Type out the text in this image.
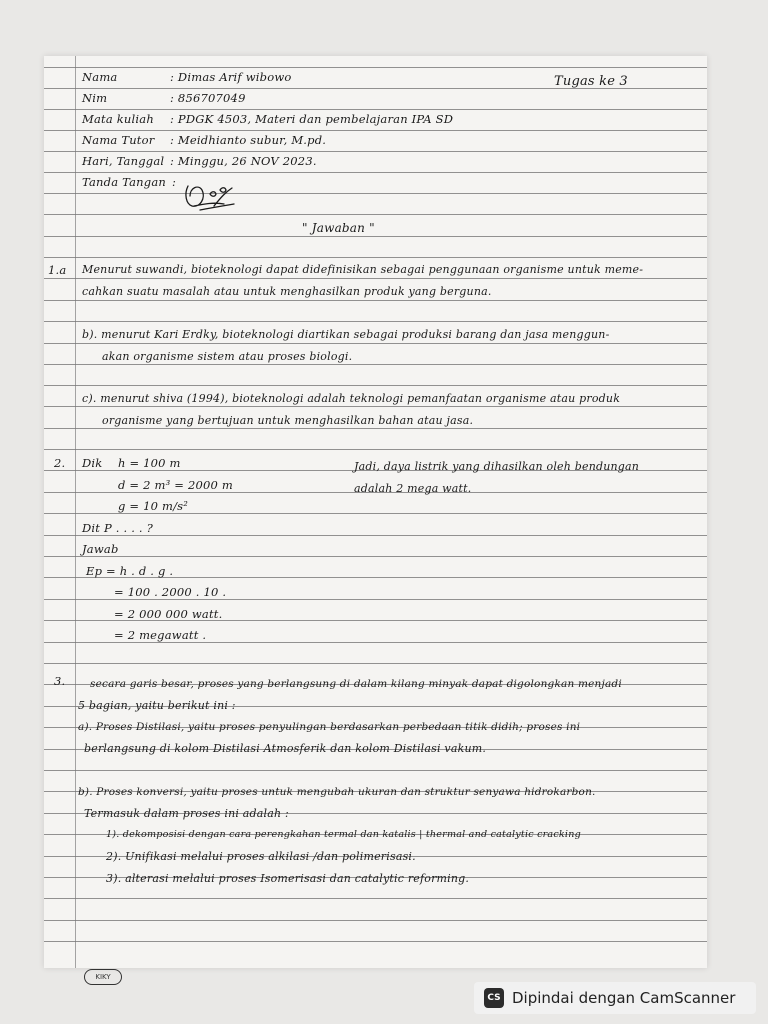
Nama	: Dimas Arif wibowo	Tugas ke 3
Nim	: 856707049
Mata kuliah : PDGK 4503, Materi dan pembelajaran IPA SD
Nama Tutor : Meidhianto subur, M.pd.
Hari, Tanggal : Minggu, 26 NOV 2023.
Tanda Tangan :
" Jawaban "
1.a Menurut suwandi, bioteknologi dapat didefinisikan sebagai penggunaan organisme untuk meme-
cahkan suatu masalah atau untuk menghasilkan produk yang berguna.
b). menurut Kari Erdky, bioteknologi diartikan sebagai produksi barang dan jasa menggun-
akan organisme sistem atau proses biologi.
c). menurut shiva (1994), bioteknologi adalah teknologi pemanfaatan organisme atau produk
organisme yang bertujuan untuk menghasilkan bahan atau jasa.
2. Dik h = 100 m
d = 2 m³ = 2000 m
g = 10 m/s²
Dit P . . . . ?
Jawab
Ep = h . d . g .
= 100 . 2000 . 10 .
= 2 000 000 watt.
= 2 megawatt .
Jadi, daya listrik yang dihasilkan oleh bendungan
adalah 2 mega watt.
3. secara garis besar, proses yang berlangsung di dalam kilang minyak dapat digolongkan menjadi
5 bagian, yaitu berikut ini :
a). Proses Distilasi, yaitu proses penyulingan berdasarkan perbedaan titik didih; proses ini
berlangsung di kolom Distilasi Atmosferik dan kolom Distilasi vakum.
b). Proses konversi, yaitu proses untuk mengubah ukuran dan struktur senyawa hidrokarbon.
Termasuk dalam proses ini adalah :
1). dekomposisi dengan cara perengkahan termal dan katalis | thermal and catalytic cracking
2). Unifikasi melalui proses alkilasi /dan polimerisasi.
3). alterasi melalui proses Isomerisasi dan catalytic reforming.
KIKY
CS Dipindai dengan CamScanner
